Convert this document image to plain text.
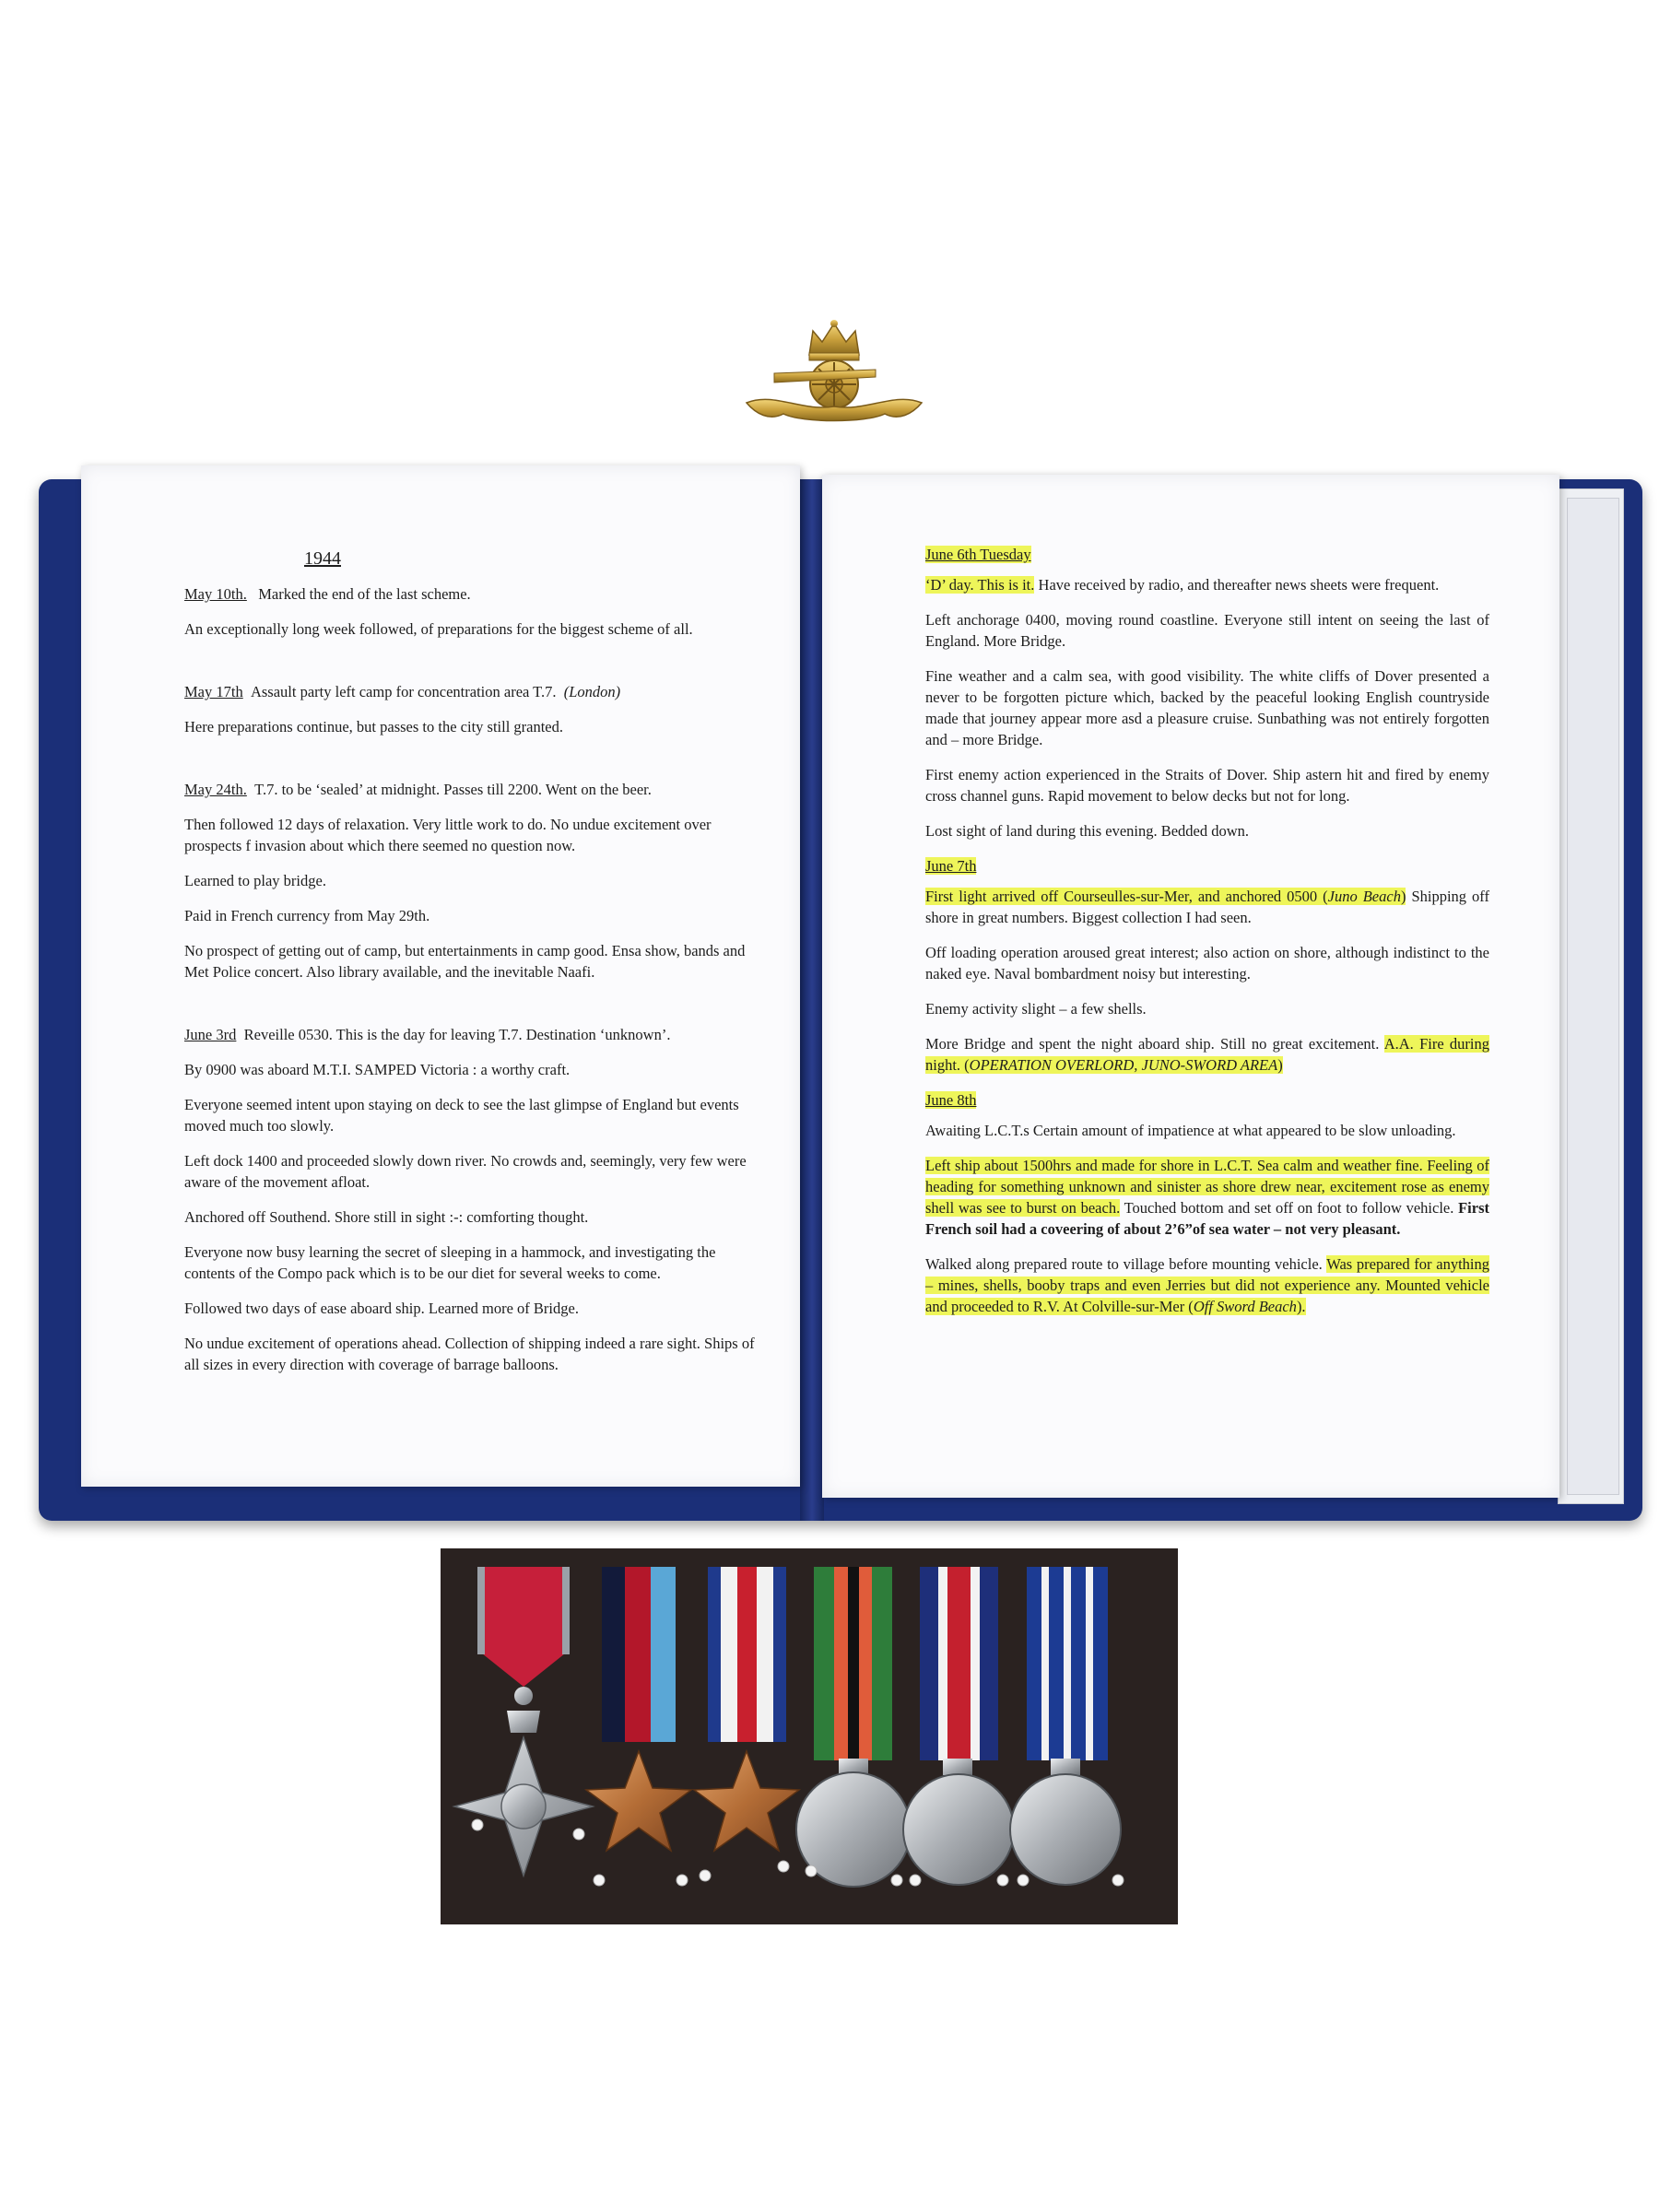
1944

May 10th. Marked the end of the last scheme.

An exceptionally long week followed, of preparations for the biggest scheme of all.

May 17th Assault party left camp for concentration area T.7. (London)

Here preparations continue, but passes to the city still granted.

May 24th. T.7. to be ‘sealed’ at midnight. Passes till 2200. Went on the beer.

Then followed 12 days of relaxation. Very little work to do. No undue excitement over prospects f invasion about which there seemed no question now.

Learned to play bridge.

Paid in French currency from May 29th.

No prospect of getting out of camp, but entertainments in camp good. Ensa show, bands and Met Police concert. Also library available, and the inevitable Naafi.

June 3rd Reveille 0530. This is the day for leaving T.7. Destination ‘unknown’.

By 0900 was aboard M.T.I. SAMPED Victoria : a worthy craft.

Everyone seemed intent upon staying on deck to see the last glimpse of England but events moved much too slowly.

Left dock 1400 and proceeded slowly down river. No crowds and, seemingly, very few were aware of the movement afloat.

Anchored off Southend. Shore still in sight :-: comforting thought.

Everyone now busy learning the secret of sleeping in a hammock, and investigating the contents of the Compo pack which is to be our diet for several weeks to come.

Followed two days of ease aboard ship. Learned more of Bridge.

No undue excitement of operations ahead. Collection of shipping indeed a rare sight. Ships of all sizes in every direction with coverage of barrage balloons.

June 6th Tuesday

‘D’ day. This is it. Have received by radio, and thereafter news sheets were frequent.

Left anchorage 0400, moving round coastline. Everyone still intent on seeing the last of England. More Bridge.

Fine weather and a calm sea, with good visibility. The white cliffs of Dover presented a never to be forgotten picture which, backed by the peaceful looking English countryside made that journey appear more asd a pleasure cruise. Sunbathing was not entirely forgotten and – more Bridge.

First enemy action experienced in the Straits of Dover. Ship astern hit and fired by enemy cross channel guns. Rapid movement to below decks but not for long.

Lost sight of land during this evening. Bedded down.

June 7th

First light arrived off Courseulles-sur-Mer, and anchored 0500 (Juno Beach) Shipping off shore in great numbers. Biggest collection I had seen.

Off loading operation aroused great interest; also action on shore, although indistinct to the naked eye. Naval bombardment noisy but interesting.

Enemy activity slight – a few shells.

More Bridge and spent the night aboard ship. Still no great excitement. A.A. Fire during night. (OPERATION OVERLORD, JUNO-SWORD AREA)

June 8th

Awaiting L.C.T.s Certain amount of impatience at what appeared to be slow unloading.

Left ship about 1500hrs and made for shore in L.C.T. Sea calm and weather fine. Feeling of heading for something unknown and sinister as shore drew near, excitement rose as enemy shell was see to burst on beach. Touched bottom and set off on foot to follow vehicle. First French soil had a coveering of about 2’6”of sea water – not very pleasant.

Walked along prepared route to village before mounting vehicle. Was prepared for anything – mines, shells, booby traps and even Jerries but did not experience any. Mounted vehicle and proceeded to R.V. At Colville-sur-Mer (Off Sword Beach).
